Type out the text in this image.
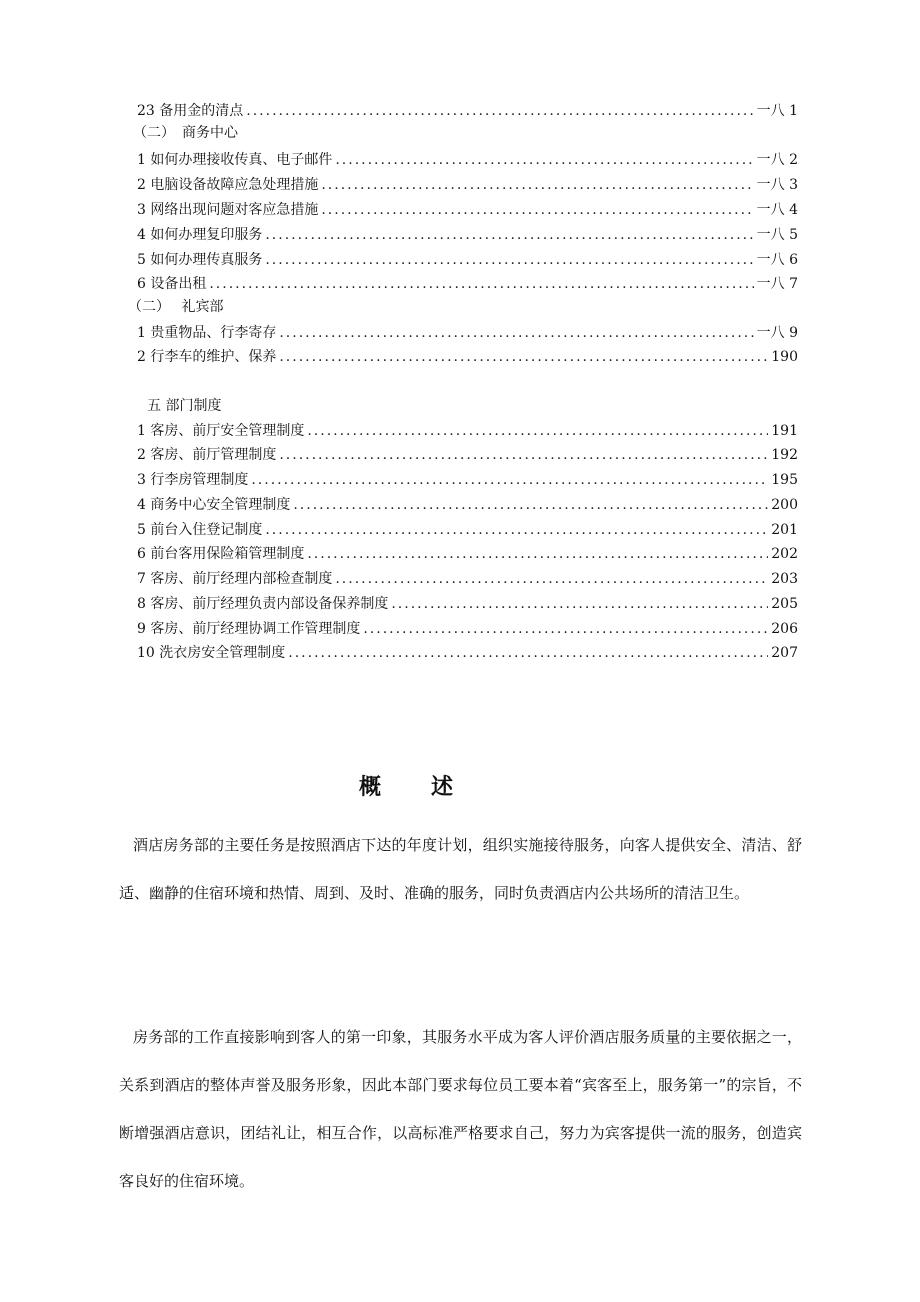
23 备用金的清点 .....	一八 1
（二）　商务中心
1 如何办理接收传真、电子邮件 .....	一八 2
2 电脑设备故障应急处理措施 .....	一八 3
3 网络出现问题对客应急措施 .....	一八 4
4 如何办理复印服务 .....	一八 5
5 如何办理传真服务 .....	一八 6
6 设备出租 .....	一八 7
（二）　 礼宾部
1 贵重物品、行李寄存 .....	一八 9
2 行李车的维护、保养 .....	190
五 部门制度
1 客房、前厅安全管理制度 .....	191
2 客房、前厅管理制度 .....	192
3 行李房管理制度 .....	195
4 商务中心安全管理制度 .....	200
5 前台入住登记制度 .....	201
6 前台客用保险箱管理制度 .....	202
7 客房、前厅经理内部检查制度 .....	203
8 客房、前厅经理负责内部设备保养制度 .....	205
9 客房、前厅经理协调工作管理制度 .....	206
10 洗衣房安全管理制度 .....	207
概述
酒店房务部的主要任务是按照酒店下达的年度计划，组织实施接待服务，向客人提供安全、清洁、舒适、幽静的住宿环境和热情、周到、及时、准确的服务，同时负责酒店内公共场所的清洁卫生。
房务部的工作直接影响到客人的第一印象，其服务水平成为客人评价酒店服务质量的主要依据之一，关系到酒店的整体声誉及服务形象，因此本部门要求每位员工要本着“宾客至上，服务第一”的宗旨，不断增强酒店意识，团结礼让，相互合作，以高标准严格要求自己，努力为宾客提供一流的服务，创造宾客良好的住宿环境。
